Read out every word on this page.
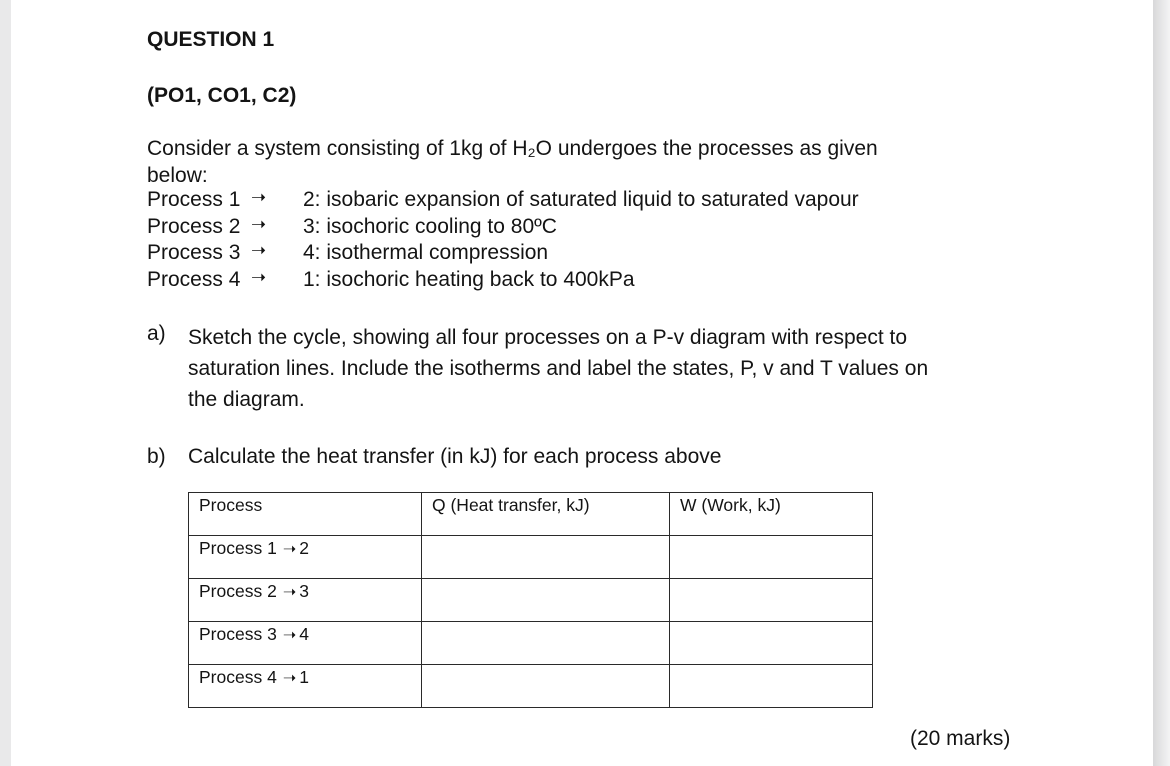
QUESTION 1
(PO1, CO1, C2)
Consider a system consisting of 1kg of H₂O undergoes the processes as given
below:
Process 1 ➝ 2: isobaric expansion of saturated liquid to saturated vapour
Process 2 ➝ 3: isochoric cooling to 80ºC
Process 3 ➝ 4: isothermal compression
Process 4 ➝ 1: isochoric heating back to 400kPa
a) Sketch the cycle, showing all four processes on a P-v diagram with respect to
saturation lines. Include the isotherms and label the states, P, v and T values on
the diagram.
b) Calculate the heat transfer (in kJ) for each process above
Process	Q (Heat transfer, kJ)	W (Work, kJ)
Process 1 ➝ 2		
Process 2 ➝ 3		
Process 3 ➝ 4		
Process 4 ➝ 1		
(20 marks)
